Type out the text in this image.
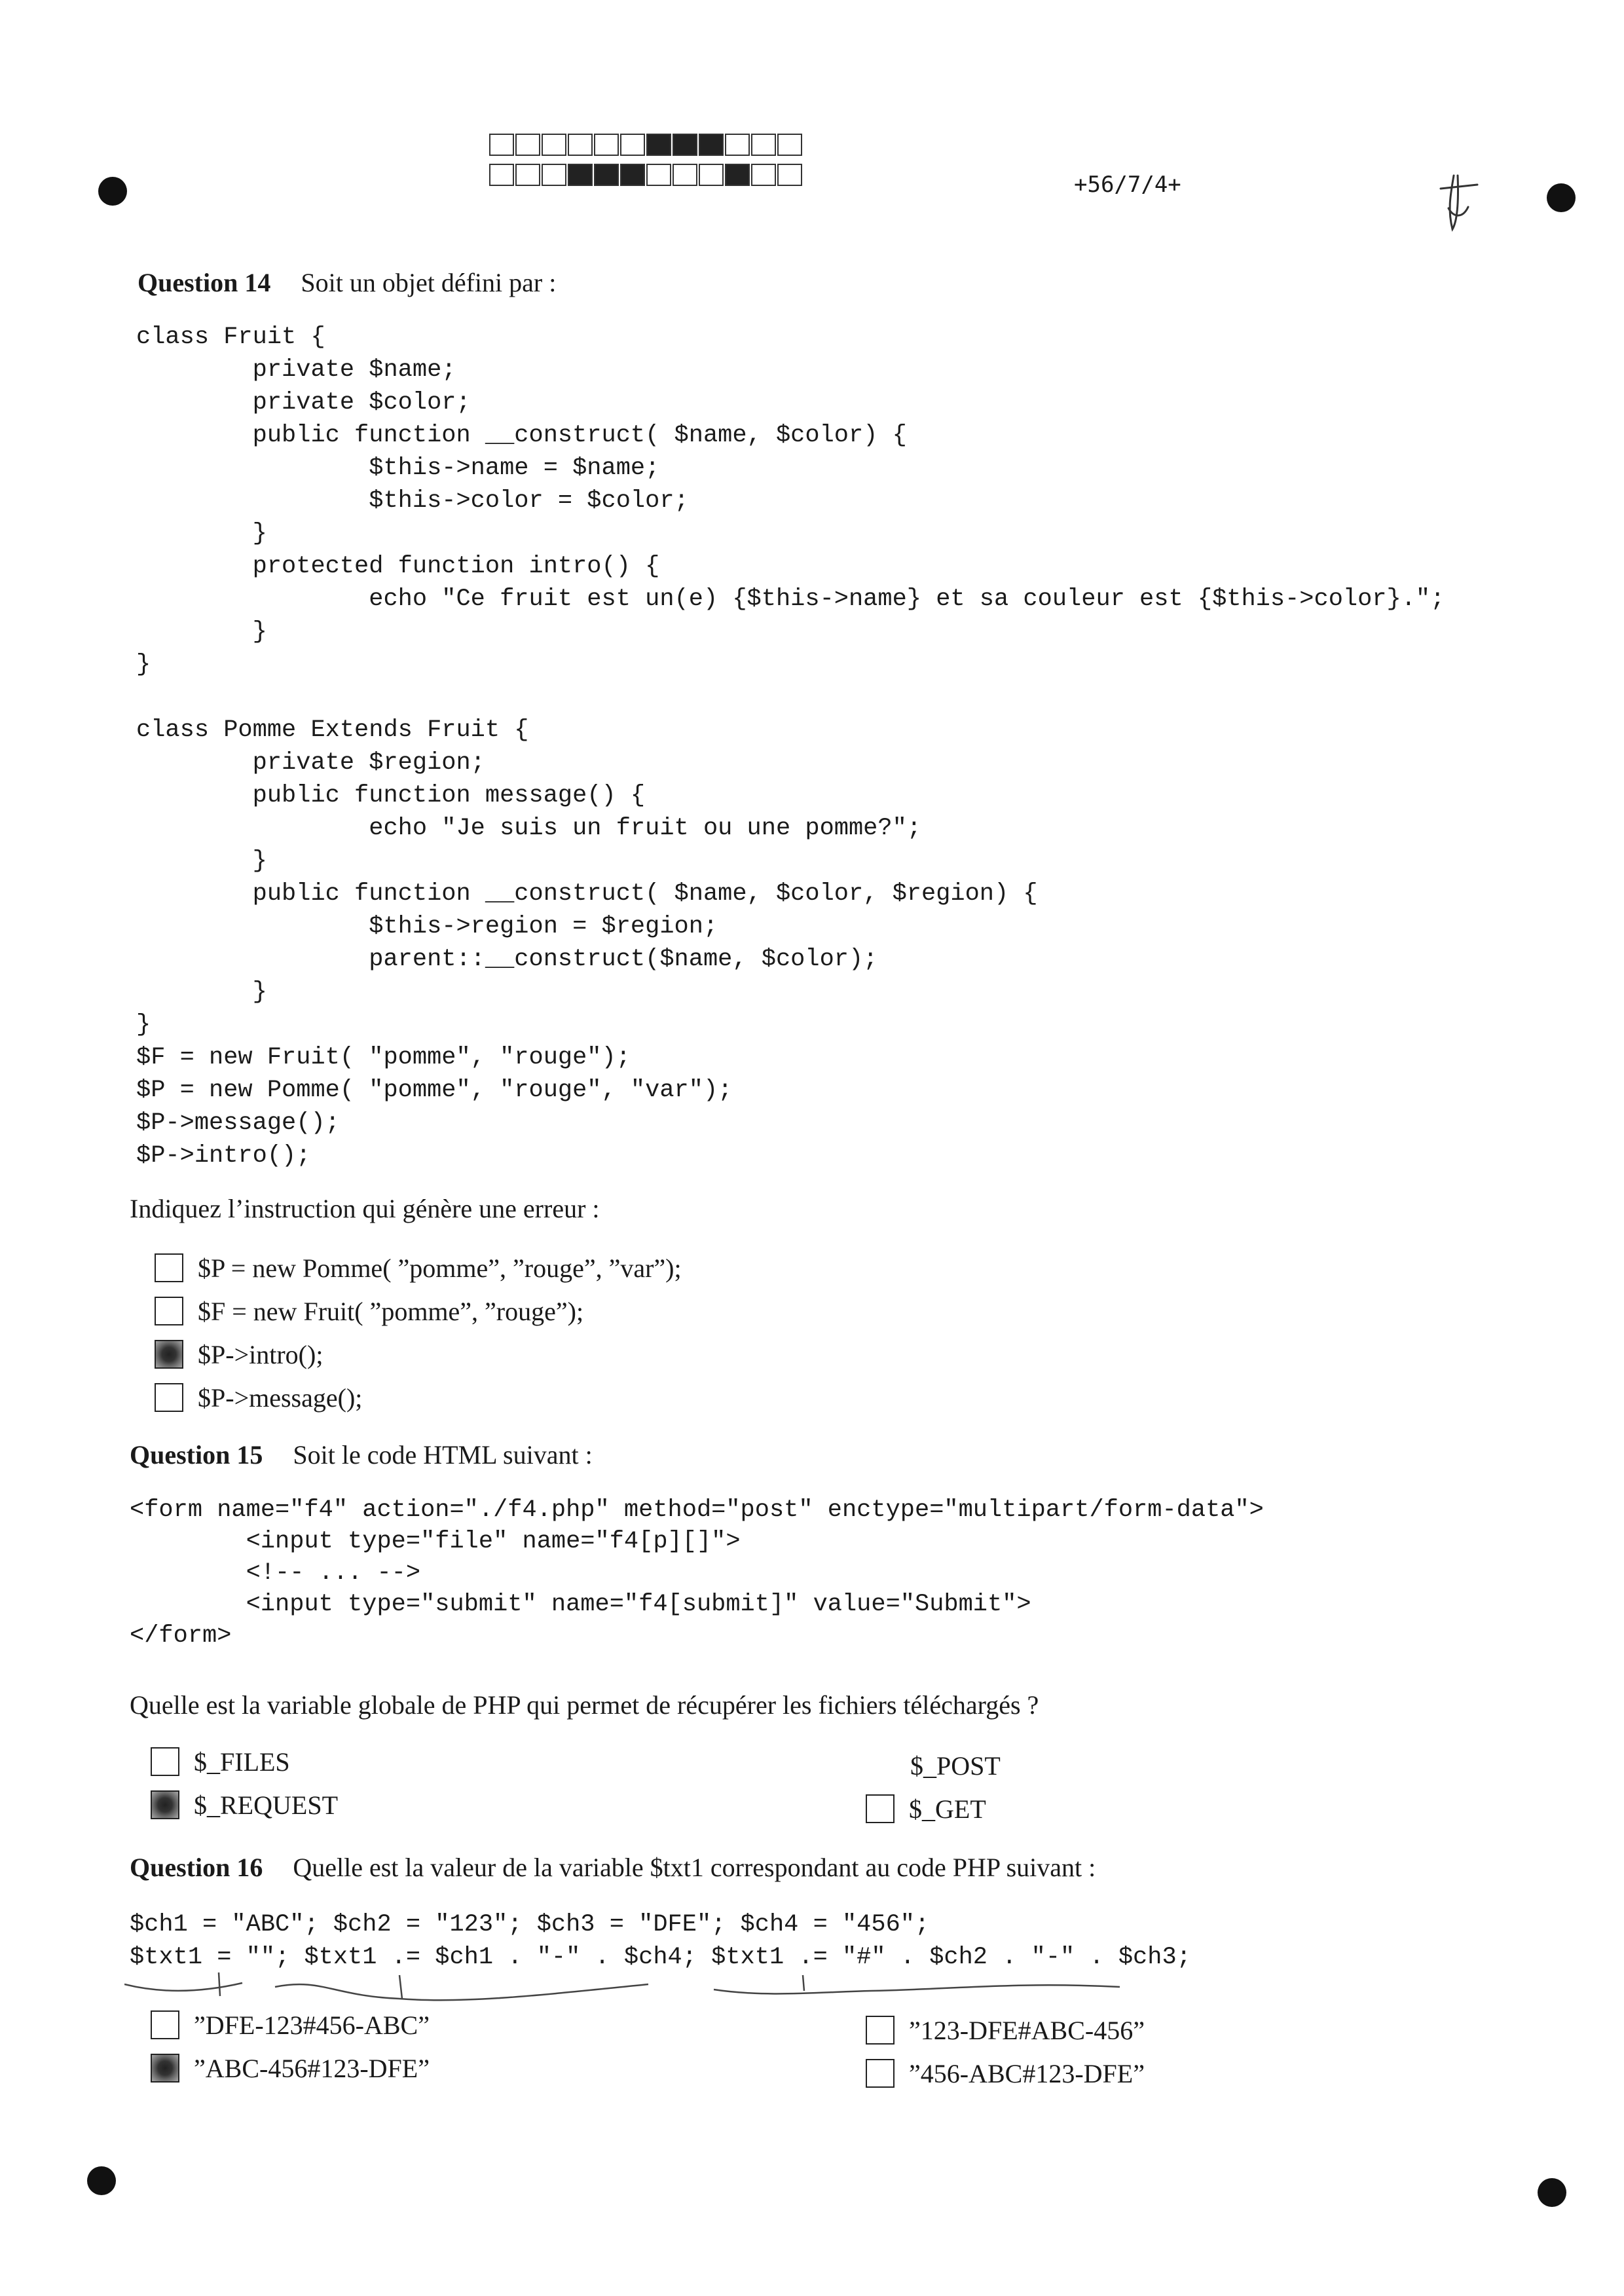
+56/7/4+
Question 14 Soit un objet défini par :
class Fruit {
private $name;
private $color;
public function __construct( $name, $color) {
$this->name = $name;
$this->color = $color;
}
protected function intro() {
echo "Ce fruit est un(e) {$this->name} et sa couleur est {$this->color}.";
}
}

class Pomme Extends Fruit {
private $region;
public function message() {
echo "Je suis un fruit ou une pomme?";
}
public function __construct( $name, $color, $region) {
$this->region = $region;
parent::__construct($name, $color);
}
}
$F = new Fruit( "pomme", "rouge");
$P = new Pomme( "pomme", "rouge", "var");
$P->message();
$P->intro();

Indiquez l’instruction qui génère une erreur :
$P = new Pomme( ”pomme”, ”rouge”, ”var”);
$F = new Fruit( ”pomme”, ”rouge”);
$P->intro();
$P->message();
Question 15 Soit le code HTML suivant :
<form name="f4" action="./f4.php" method="post" enctype="multipart/form-data">
<input type="file" name="f4[p][]">
<!-- ... -->
<input type="submit" name="f4[submit]" value="Submit">
</form>

Quelle est la variable globale de PHP qui permet de récupérer les fichiers téléchargés ?
$_FILES
$_REQUEST
$_POST
$_GET
Question 16 Quelle est la valeur de la variable $txt1 correspondant au code PHP suivant :
$ch1 = "ABC"; $ch2 = "123"; $ch3 = "DFE"; $ch4 = "456";
$txt1 = ""; $txt1 .= $ch1 . "-" . $ch4; $txt1 .= "#" . $ch2 . "-" . $ch3;

”DFE-123#456-ABC”
”ABC-456#123-DFE”
”123-DFE#ABC-456”
”456-ABC#123-DFE”
